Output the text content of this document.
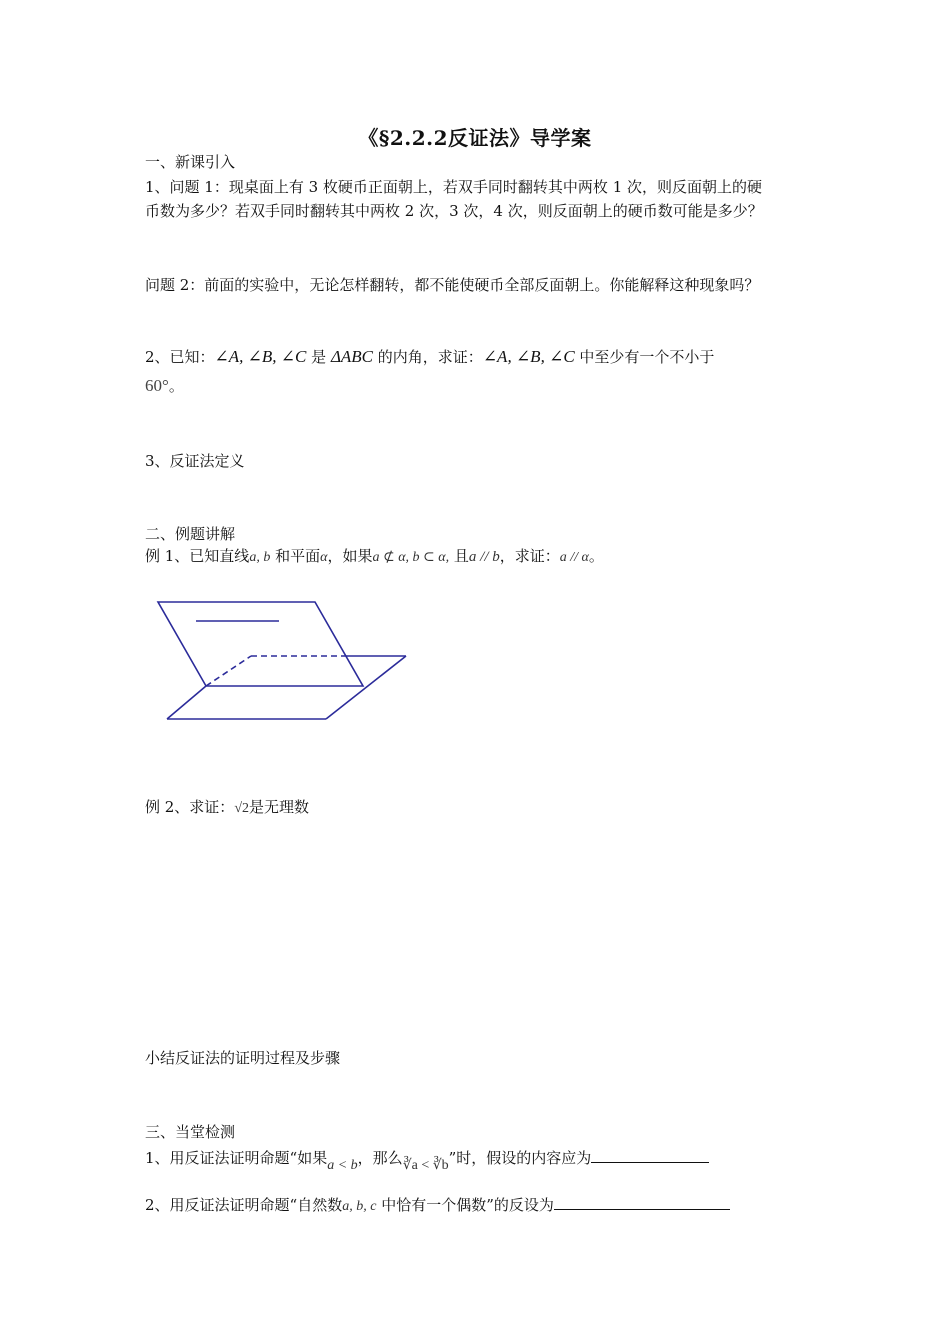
《§2.2.2反证法》导学案
一、新课引入
1、问题 1：现桌面上有 3 枚硬币正面朝上，若双手同时翻转其中两枚 1 次，则反面朝上的硬
币数为多少？若双手同时翻转其中两枚 2 次，3 次，4 次，则反面朝上的硬币数可能是多少？
问题 2：前面的实验中，无论怎样翻转，都不能使硬币全部反面朝上。你能解释这种现象吗？
2、已知：∠A, ∠B, ∠C 是 ΔABC 的内角，求证：∠A, ∠B, ∠C 中至少有一个不小于
60°。
3、反证法定义
二、例题讲解
例 1、已知直线a, b 和平面α，如果a ⊄ α, b ⊂ α, 且a // b，求证：a // α。
例 2、求证：√2是无理数
小结反证法的证明过程及步骤
三、当堂检测
1、用反证法证明命题“如果a < b，那么∛a < ∛b”时，假设的内容应为
2、用反证法证明命题“自然数a, b, c 中恰有一个偶数”的反设为
